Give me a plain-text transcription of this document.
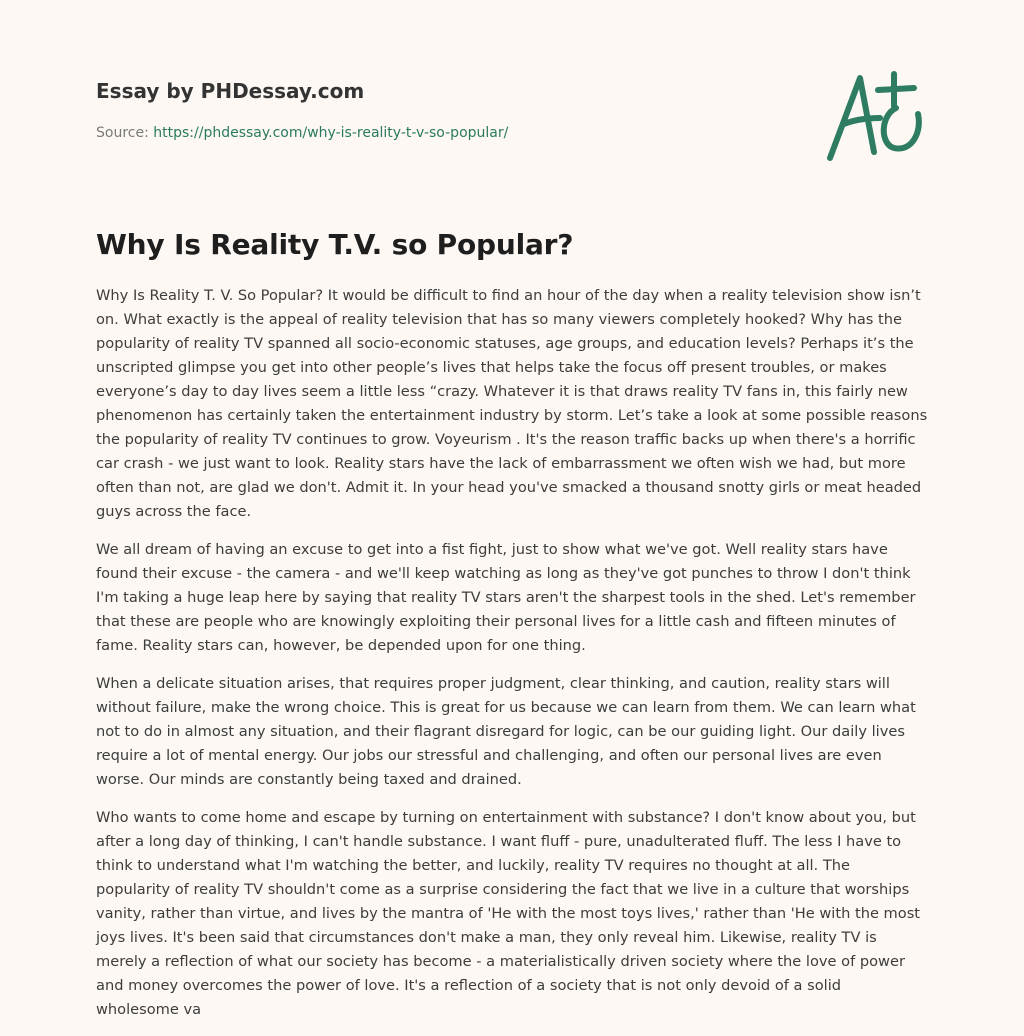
Essay by PHDessay.com
Source: https://phdessay.com/why-is-reality-t-v-so-popular/
Why Is Reality T.V. so Popular?

Why Is Reality T. V. So Popular? It would be difficult to find an hour of the day when a reality television show isn’t on. What exactly is the appeal of reality television that has so many viewers completely hooked? Why has the popularity of reality TV spanned all socio-economic statuses, age groups, and education levels? Perhaps it’s the unscripted glimpse you get into other people’s lives that helps take the focus off present troubles, or makes everyone’s day to day lives seem a little less “crazy. Whatever it is that draws reality TV fans in, this fairly new phenomenon has certainly taken the entertainment industry by storm. Let’s take a look at some possible reasons the popularity of reality TV continues to grow. Voyeurism . It's the reason traffic backs up when there's a horrific car crash - we just want to look. Reality stars have the lack of embarrassment we often wish we had, but more often than not, are glad we don't. Admit it. In your head you've smacked a thousand snotty girls or meat headed guys across the face.

We all dream of having an excuse to get into a fist fight, just to show what we've got. Well reality stars have found their excuse - the camera - and we'll keep watching as long as they've got punches to throw I don't think I'm taking a huge leap here by saying that reality TV stars aren't the sharpest tools in the shed. Let's remember that these are people who are knowingly exploiting their personal lives for a little cash and fifteen minutes of fame. Reality stars can, however, be depended upon for one thing.

When a delicate situation arises, that requires proper judgment, clear thinking, and caution, reality stars will without failure, make the wrong choice. This is great for us because we can learn from them. We can learn what not to do in almost any situation, and their flagrant disregard for logic, can be our guiding light. Our daily lives require a lot of mental energy. Our jobs our stressful and challenging, and often our personal lives are even worse. Our minds are constantly being taxed and drained.

Who wants to come home and escape by turning on entertainment with substance? I don't know about you, but after a long day of thinking, I can't handle substance. I want fluff - pure, unadulterated fluff. The less I have to think to understand what I'm watching the better, and luckily, reality TV requires no thought at all. The popularity of reality TV shouldn't come as a surprise considering the fact that we live in a culture that worships vanity, rather than virtue, and lives by the mantra of 'He with the most toys lives,' rather than 'He with the most joys lives. It's been said that circumstances don't make a man, they only reveal him. Likewise, reality TV is merely a reflection of what our society has become - a materialistically driven society where the love of power and money overcomes the power of love. It's a reflection of a society that is not only devoid of a solid wholesome va
